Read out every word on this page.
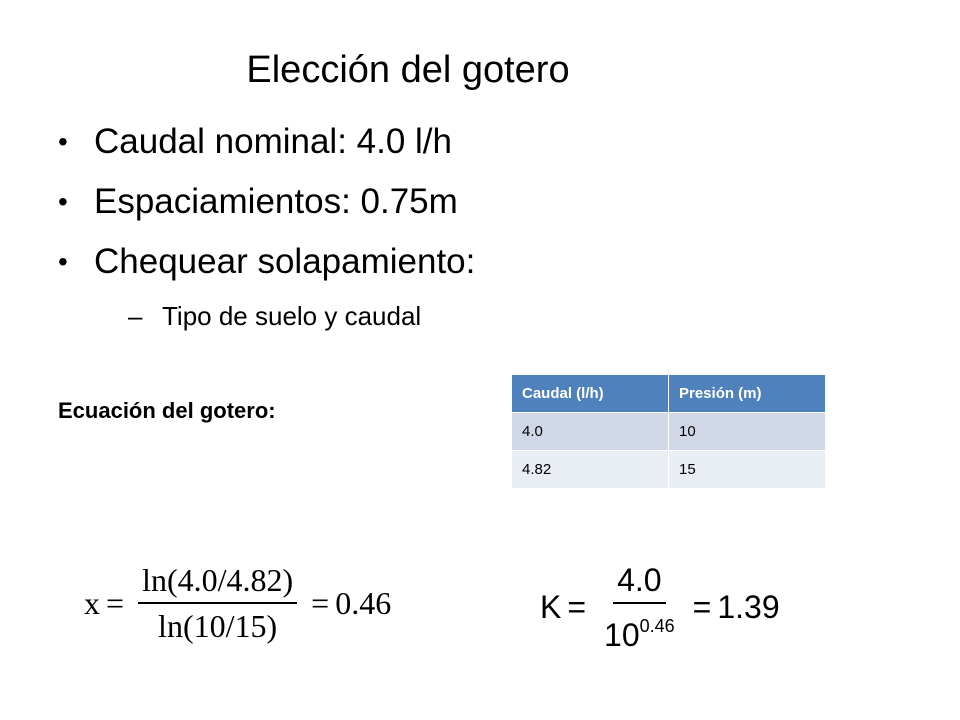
Elección del gotero
• Caudal nominal: 4.0 l/h
• Espaciamientos: 0.75m
• Chequear solapamiento:
– Tipo de suelo y caudal
Ecuación del gotero:
Caudal (l/h)	Presión (m)
4.0	10
4.82	15
$x = \frac{\ln(4.0/4.82)}{\ln(10/15)} = 0.46$	$K = \frac{4.0}{10^{0.46}} = 1.39$
